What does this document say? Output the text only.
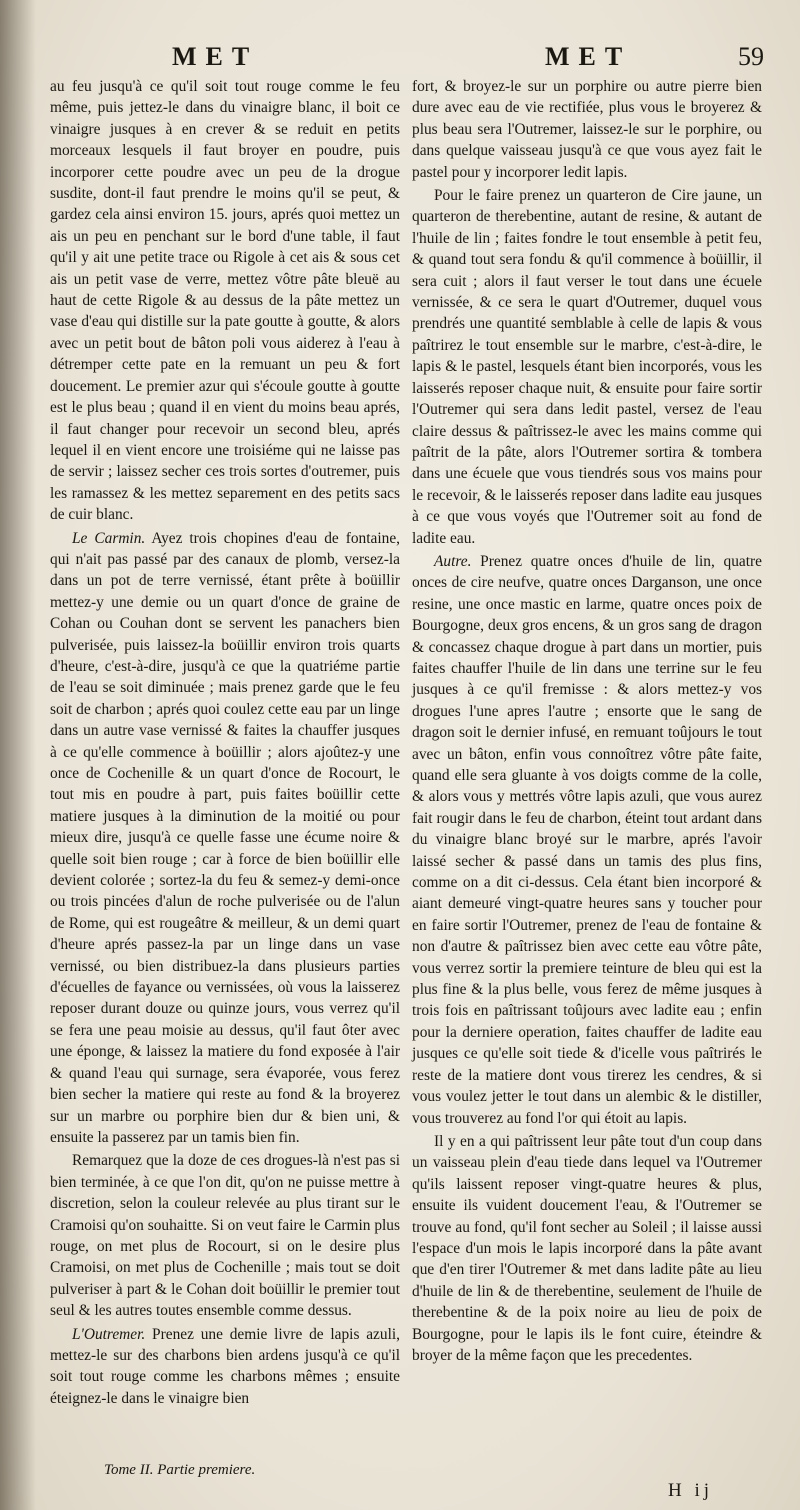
MET	MET	59

au feu jusqu'à ce qu'il soit tout rouge comme le feu même, puis jettez-le dans du vinaigre blanc, il boit ce vinaigre jusques à en crever & se reduit en petits morceaux lesquels il faut broyer en poudre, puis incorporer cette poudre avec un peu de la drogue susdite, dont-il faut prendre le moins qu'il se peut, & gardez cela ainsi environ 15. jours, aprés quoi mettez un ais un peu en penchant sur le bord d'une table, il faut qu'il y ait une petite trace ou Rigole à cet ais & sous cet ais un petit vase de verre, mettez vôtre pâte bleuë au haut de cette Rigole & au dessus de la pâte mettez un vase d'eau qui distille sur la pate goutte à goutte, & alors avec un petit bout de bâton poli vous aiderez à l'eau à détremper cette pate en la remuant un peu & fort doucement. Le premier azur qui s'écoule goutte à goutte est le plus beau ; quand il en vient du moins beau aprés, il faut changer pour recevoir un second bleu, aprés lequel il en vient encore une troisiéme qui ne laisse pas de servir ; laissez secher ces trois sortes d'outremer, puis les ramassez & les mettez separement en des petits sacs de cuir blanc.

Le Carmin. Ayez trois chopines d'eau de fontaine, qui n'ait pas passé par des canaux de plomb, versez-la dans un pot de terre vernissé, étant prête à boüillir mettez-y une demie ou un quart d'once de graine de Cohan ou Couhan dont se servent les panachers bien pulverisée, puis laissez-la boüillir environ trois quarts d'heure, c'est-à-dire, jusqu'à ce que la quatriéme partie de l'eau se soit diminuée ; mais prenez garde que le feu soit de charbon ; aprés quoi coulez cette eau par un linge dans un autre vase vernissé & faites la chauffer jusques à ce qu'elle commence à boüillir ; alors ajoûtez-y une once de Cochenille & un quart d'once de Rocourt, le tout mis en poudre à part, puis faites boüillir cette matiere jusques à la diminution de la moitié ou pour mieux dire, jusqu'à ce quelle fasse une écume noire & quelle soit bien rouge ; car à force de bien boüillir elle devient colorée ; sortez-la du feu & semez-y demi-once ou trois pincées d'alun de roche pulverisée ou de l'alun de Rome, qui est rougeâtre & meilleur, & un demi quart d'heure aprés passez-la par un linge dans un vase vernissé, ou bien distribuez-la dans plusieurs parties d'écuelles de fayance ou vernissées, où vous la laisserez reposer durant douze ou quinze jours, vous verrez qu'il se fera une peau moisie au dessus, qu'il faut ôter avec une éponge, & laissez la matiere du fond exposée à l'air & quand l'eau qui surnage, sera évaporée, vous ferez bien secher la matiere qui reste au fond & la broyerez sur un marbre ou porphire bien dur & bien uni, & ensuite la passerez par un tamis bien fin.

Remarquez que la doze de ces drogues-là n'est pas si bien terminée, à ce que l'on dit, qu'on ne puisse mettre à discretion, selon la couleur relevée au plus tirant sur le Cramoisi qu'on souhaitte. Si on veut faire le Carmin plus rouge, on met plus de Rocourt, si on le desire plus Cramoisi, on met plus de Cochenille ; mais tout se doit pulveriser à part & le Cohan doit boüillir le premier tout seul & les autres toutes ensemble comme dessus.

L'Outremer. Prenez une demie livre de lapis azuli, mettez-le sur des charbons bien ardens jusqu'à ce qu'il soit tout rouge comme les charbons mêmes ; ensuite éteignez-le dans le vinaigre bien

fort, & broyez-le sur un porphire ou autre pierre bien dure avec eau de vie rectifiée, plus vous le broyerez & plus beau sera l'Outremer, laissez-le sur le porphire, ou dans quelque vaisseau jusqu'à ce que vous ayez fait le pastel pour y incorporer ledit lapis.

Pour le faire prenez un quarteron de Cire jaune, un quarteron de therebentine, autant de resine, & autant de l'huile de lin ; faites fondre le tout ensemble à petit feu, & quand tout sera fondu & qu'il commence à boüillir, il sera cuit ; alors il faut verser le tout dans une écuele vernissée, & ce sera le quart d'Outremer, duquel vous prendrés une quantité semblable à celle de lapis & vous paîtrirez le tout ensemble sur le marbre, c'est-à-dire, le lapis & le pastel, lesquels étant bien incorporés, vous les laisserés reposer chaque nuit, & ensuite pour faire sortir l'Outremer qui sera dans ledit pastel, versez de l'eau claire dessus & paîtrissez-le avec les mains comme qui paîtrit de la pâte, alors l'Outremer sortira & tombera dans une écuele que vous tiendrés sous vos mains pour le recevoir, & le laisserés reposer dans ladite eau jusques à ce que vous voyés que l'Outremer soit au fond de ladite eau.

Autre. Prenez quatre onces d'huile de lin, quatre onces de cire neufve, quatre onces Darganson, une once resine, une once mastic en larme, quatre onces poix de Bourgogne, deux gros encens, & un gros sang de dragon & concassez chaque drogue à part dans un mortier, puis faites chauffer l'huile de lin dans une terrine sur le feu jusques à ce qu'il fremisse : & alors mettez-y vos drogues l'une apres l'autre ; ensorte que le sang de dragon soit le dernier infusé, en remuant toûjours le tout avec un bâton, enfin vous connoîtrez vôtre pâte faite, quand elle sera gluante à vos doigts comme de la colle, & alors vous y mettrés vôtre lapis azuli, que vous aurez fait rougir dans le feu de charbon, éteint tout ardant dans du vinaigre blanc broyé sur le marbre, aprés l'avoir laissé secher & passé dans un tamis des plus fins, comme on a dit ci-dessus. Cela étant bien incorporé & aiant demeuré vingt-quatre heures sans y toucher pour en faire sortir l'Outremer, prenez de l'eau de fontaine & non d'autre & paîtrissez bien avec cette eau vôtre pâte, vous verrez sortir la premiere teinture de bleu qui est la plus fine & la plus belle, vous ferez de même jusques à trois fois en paîtrissant toûjours avec ladite eau ; enfin pour la derniere operation, faites chauffer de ladite eau jusques ce qu'elle soit tiede & d'icelle vous paîtrirés le reste de la matiere dont vous tirerez les cendres, & si vous voulez jetter le tout dans un alembic & le distiller, vous trouverez au fond l'or qui étoit au lapis.

Il y en a qui paîtrissent leur pâte tout d'un coup dans un vaisseau plein d'eau tiede dans lequel va l'Outremer qu'ils laissent reposer vingt-quatre heures & plus, ensuite ils vuident doucement l'eau, & l'Outremer se trouve au fond, qu'il font secher au Soleil ; il laisse aussi l'espace d'un mois le lapis incorporé dans la pâte avant que d'en tirer l'Outremer & met dans ladite pâte au lieu d'huile de lin & de therebentine, seulement de l'huile de therebentine & de la poix noire au lieu de poix de Bourgogne, pour le lapis ils le font cuire, éteindre & broyer de la même façon que les precedentes.

Tome II. Partie premiere.
H ij
